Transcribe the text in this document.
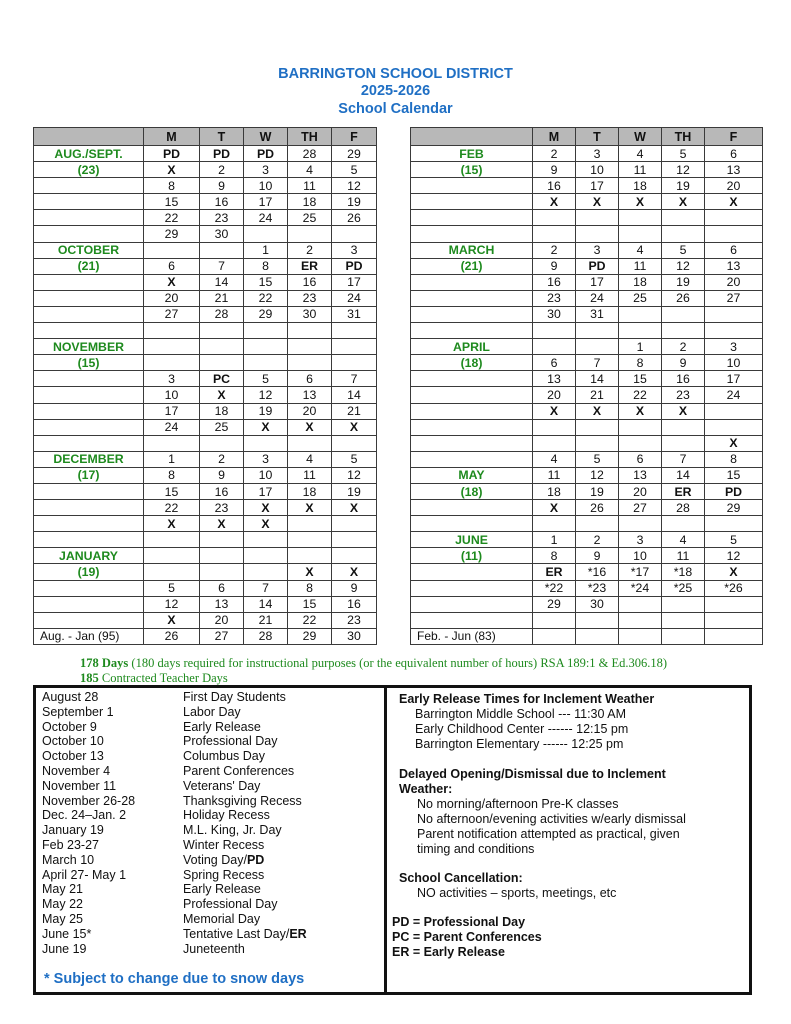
BARRINGTON SCHOOL DISTRICT
2025-2026
School Calendar
	M	T	W	TH	F
AUG./SEPT.	PD	PD	PD	28	29
(23)	X	2	3	4	5
	8	9	10	11	12
	15	16	17	18	19
	22	23	24	25	26
	29	30			
OCTOBER			1	2	3
(21)	6	7	8	ER	PD
	X	14	15	16	17
	20	21	22	23	24
	27	28	29	30	31

NOVEMBER					
(15)					
	3	PC	5	6	7
	10	X	12	13	14
	17	18	19	20	21
	24	25	X	X	X

DECEMBER	1	2	3	4	5
(17)	8	9	10	11	12
	15	16	17	18	19
	22	23	X	X	X
	X	X	X		

JANUARY					
(19)				X	X
	5	6	7	8	9
	12	13	14	15	16
	X	20	21	22	23
Aug. - Jan (95)	26	27	28	29	30
	M	T	W	TH	F
FEB	2	3	4	5	6
(15)	9	10	11	12	13
	16	17	18	19	20
	X	X	X	X	X

MARCH	2	3	4	5	6
(21)	9	PD	11	12	13
	16	17	18	19	20
	23	24	25	26	27
	30	31			

APRIL			1	2	3
(18)	6	7	8	9	10
	13	14	15	16	17
	20	21	22	23	24
	X	X	X	X	

					X
	4	5	6	7	8
MAY	11	12	13	14	15
(18)	18	19	20	ER	PD
	X	26	27	28	29

JUNE	1	2	3	4	5
(11)	8	9	10	11	12
	ER	*16	*17	*18	X
	*22	*23	*24	*25	*26
	29	30			

Feb. - Jun (83)					
178 Days (180 days required for instructional purposes (or the equivalent number of hours) RSA 189:1 & Ed.306.18)
185 Contracted Teacher Days
* Subject to change due to snow days
August 28	First Day Students
September 1	Labor Day
October 9	Early Release
October 10	Professional Day
October 13	Columbus Day
November 4	Parent Conferences
November 11	Veterans' Day
November 26-28	Thanksgiving Recess
Dec. 24–Jan. 2	Holiday Recess
January 19	M.L. King, Jr. Day
Feb 23-27	Winter Recess
March 10	Voting Day/PD
April 27- May 1	Spring Recess
May 21	Early Release
May 22	Professional Day
May 25	Memorial Day
June 15*	Tentative Last Day/ER
June 19	Juneteenth
Early Release Times for Inclement Weather
Barrington Middle School --- 11:30 AM
Early Childhood Center ------ 12:15 pm
Barrington Elementary ------ 12:25 pm
Delayed Opening/Dismissal due to Inclement
Weather:
No morning/afternoon Pre-K classes
No afternoon/evening activities w/early dismissal
Parent notification attempted as practical, given
timing and conditions
School Cancellation:
NO activities – sports, meetings, etc
PD = Professional Day
PC = Parent Conferences
ER = Early Release
